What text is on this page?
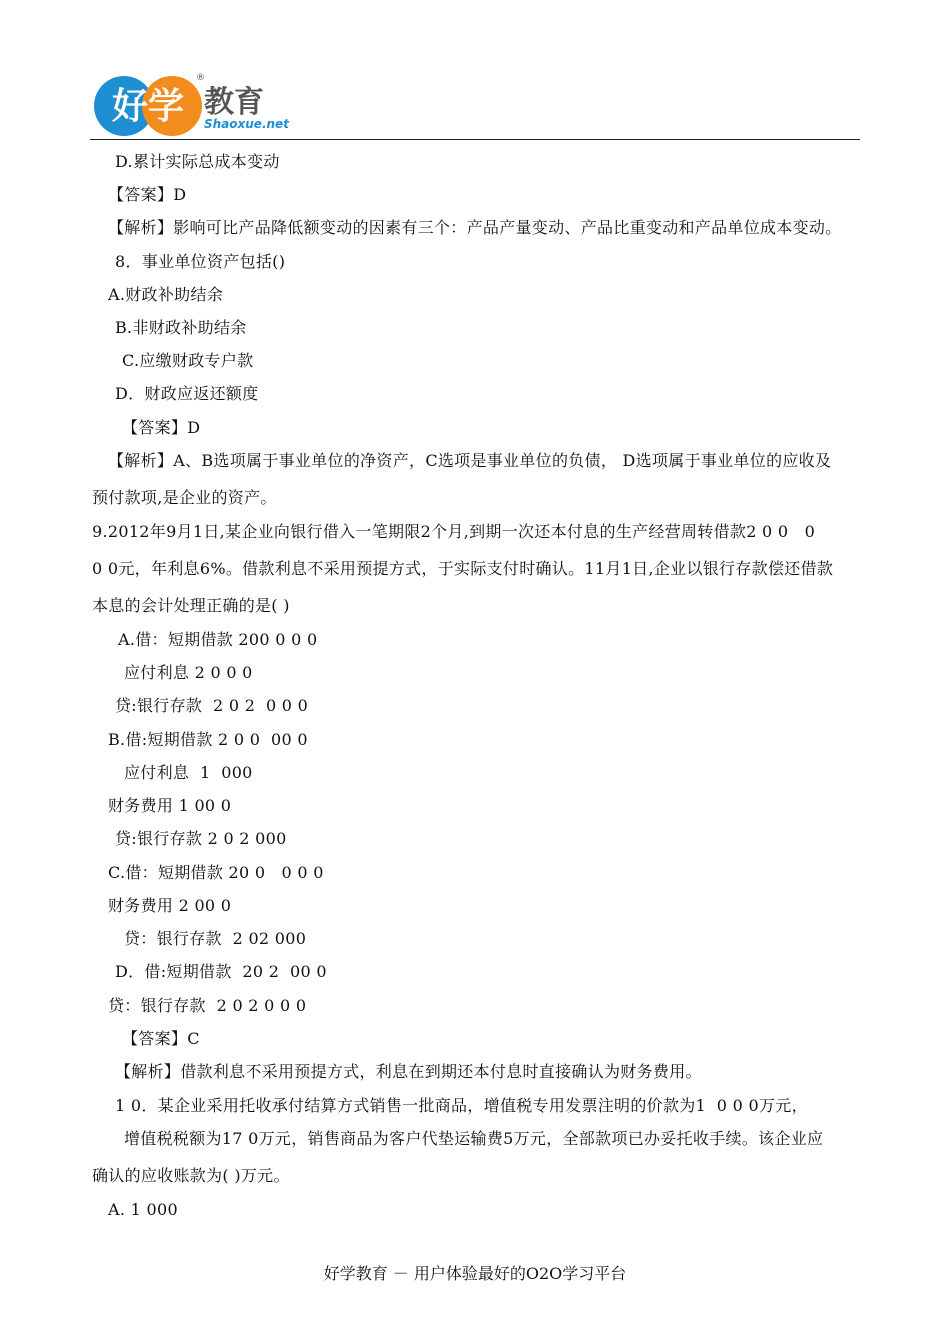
好学 教育
Shaoxue.net
®
D.累计实际总成本变动
【答案】D
【解析】影响可比产品降低额变动的因素有三个：产品产量变动、产品比重变动和产品单位成本变动。
8．事业单位资产包括()
A.财政补助结余
B.非财政补助结余
C.应缴财政专户款
D．财政应返还额度
【答案】D
【解析】A、B选项属于事业单位的净资产，C选项是事业单位的负债， D选项属于事业单位的应收及
预付款项,是企业的资产。
9.2012年9月1日,某企业向银行借入一笔期限2个月,到期一次还本付息的生产经营周转借款2 0 0   0
0 0元，年利息6%。借款利息不采用预提方式，于实际支付时确认。11月1日,企业以银行存款偿还借款
本息的会计处理正确的是( )
A.借：短期借款 200 0 0 0
应付利息 2 0 0 0
贷:银行存款  2 0 2  0 0 0
B.借:短期借款 2 0 0  00 0
应付利息  1  000
财务费用 1 00 0
贷:银行存款 2 0 2 000
C.借：短期借款 20 0   0 0 0
财务费用 2 00 0
贷：银行存款  2 02 000
D．借:短期借款  20 2  00 0
贷：银行存款  2 0 2 0 0 0
【答案】C
【解析】借款利息不采用预提方式，利息在到期还本付息时直接确认为财务费用。
1 0．某企业采用托收承付结算方式销售一批商品，增值税专用发票注明的价款为1  0 0 0万元，
增值税税额为17 0万元，销售商品为客户代垫运输费5万元，全部款项已办妥托收手续。该企业应
确认的应收账款为( )万元。
A. 1 000
好学教育 － 用户体验最好的O2O学习平台
